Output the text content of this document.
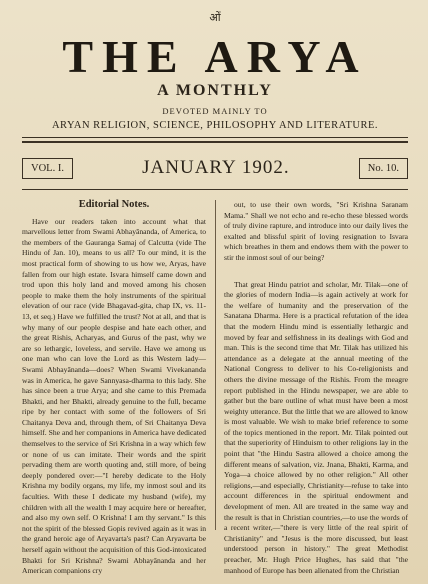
ओं
THE ARYA
A MONTHLY
DEVOTED MAINLY TO
ARYAN RELIGION, SCIENCE, PHILOSOPHY AND LITERATURE.
VOL. I.	JANUARY 1902.	No. 10.
Editorial Notes.

Have our readers taken into account what that marvellous letter from Swami Abhayānanda, of America, to the members of the Gauranga Samaj of Calcutta (vide The Hindu of Jan. 10), means to us all? To our mind, it is the most practical form of showing to us how we, Aryas, have fallen from our high estate. Isvara himself came down and trod upon this holy land and moved among his chosen people to make them the holy instruments of the spiritual elevation of our race (vide Bhagavad-gita, chap IX, vs. 11-13, et seq.) Have we fulfilled the trust? Not at all, and that is why many of our people despise and hate each other, and the great Rishis, Acharyas, and Gurus of the past, why we are so lethargic, loveless, and servile. Have we among us one man who can love the Lord as this Western lady—Swami Abhayānanda—does? When Swami Vivekananda was in America, he gave Sannyasa-dharma to this lady. She has since been a true Arya; and she came to this Premada Bhakti, and her Bhakti, already genuine to the full, became ripe by her contact with some of the followers of Sri Chaitanya Deva and, through them, of Sri Chaitanya Deva himself. She and her companions in America have dedicated themselves to the service of Sri Krishna in a way which few or none of us can imitate. Their words and the spirit pervading them are worth quoting and, still more, of being deeply pondered over:—"I hereby dedicate to the Holy Krishna my bodily organs, my life, my inmost soul and its faculties. With these I dedicate my husband (wife), my children with all the wealth I may acquire here or hereafter, and also my own self. O Krishna! I am thy servant." Is this not the spirit of the blessed Gopis revived again as it was in the grand heroic age of Aryavarta's past? Can Aryavarta be herself again without the acquisition of this God-intoxicated Bhakti for Sri Krishna? Swami Abhayānanda and her American companions cry

out, to use their own words, "Sri Krishna Saranam Mama." Shall we not echo and re-echo these blessed words of truly divine rapture, and introduce into our daily lives the exalted and blissful spirit of loving resignation to Isvara which breathes in them and endows them with the power to stir the inmost soul of our being?

That great Hindu patriot and scholar, Mr. Tilak—one of the glories of modern India—is again actively at work for the welfare of humanity and the preservation of the Sanatana Dharma. Here is a practical refutation of the idea that the modern Hindu mind is essentially lethargic and moved by fear and selfishness in its dealings with God and man. This is the second time that Mr. Tilak has utilized his attendance as a delegate at the annual meeting of the National Congress to deliver to his Co-religionists and others the divine message of the Rishis. From the meagre report published in the Hindu newspaper, we are able to gather but the bare outline of what must have been a most weighty utterance. But the little that we are allowed to know is most valuable. We wish to make brief reference to some of the topics mentioned in the report. Mr. Tilak pointed out that the superiority of Hinduism to other religions lay in the point that "the Hindu Sastra allowed a choice among the different means of salvation, viz. Jnana, Bhakti, Karma, and Yoga—a choice allowed by no other religion." All other religions,—and especially, Christianity—refuse to take into account differences in the spiritual endowment and development of men. All are treated in the same way and the result is that in Christian countries,—to use the words of a recent writer,—"there is very little of the real spirit of Christianity" and "Jesus is the more discussed, but least understood person in history." The great Methodist preacher, Mr. Hugh Price Hughes, has said that "the manhood of Europe has been alienated from the Christian
